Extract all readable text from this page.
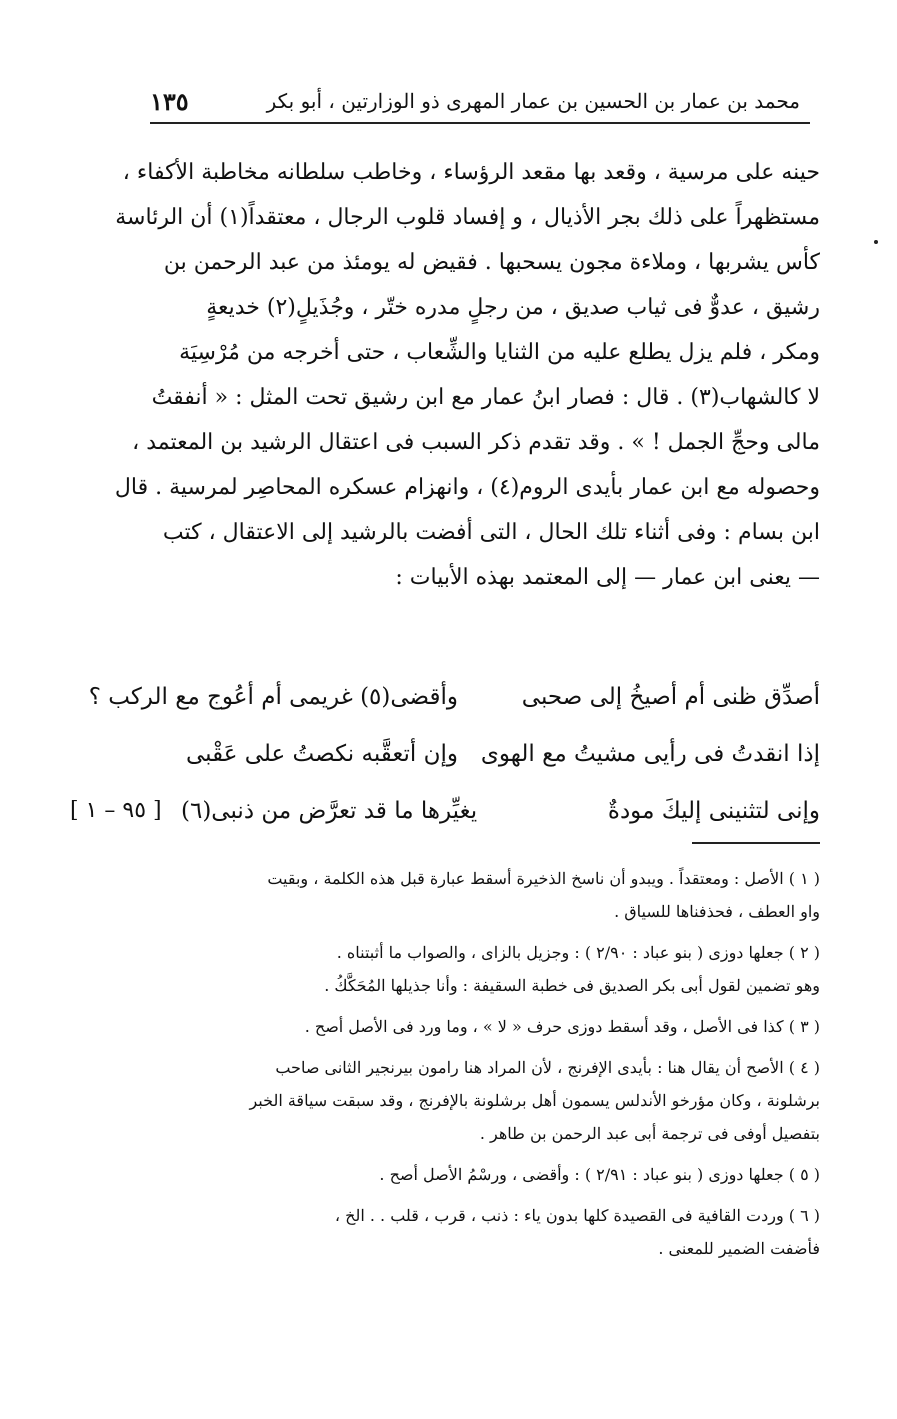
محمد بن عمار بن الحسين بن عمار المهرى ذو الوزارتين ، أبو بكر
١٣٥
حينه على مرسية ، وقعد بها مقعد الرؤساء ، وخاطب سلطانه مخاطبة الأكفاء ،
مستظهراً على ذلك بجر الأذيال ، و إفساد قلوب الرجال ، معتقداً(١) أن الرئاسة
كأس يشربها ، وملاءة مجون يسحبها . فقيض له يومئذ من عبد الرحمن بن
رشيق ، عدوٌّ فى ثياب صديق ، من رجلٍ مدره ختّر ، وجُذَيلٍ(٢) خديعةٍ
ومكر ، فلم يزل يطلع عليه من الثنايا والشِّعاب ، حتى أخرجه من مُرْسِيَة
لا كالشهاب(٣) . قال : فصار ابنُ عمار مع ابن رشيق تحت المثل : « أنفقتُ
مالى وحجِّ الجمل ! » . وقد تقدم ذكر السبب فى اعتقال الرشيد بن المعتمد ،
وحصوله مع ابن عمار بأيدى الروم(٤) ، وانهزام عسكره المحاصِر لمرسية . قال
ابن بسام : وفى أثناء تلك الحال ، التى أفضت بالرشيد إلى الاعتقال ، كتب
— يعنى ابن عمار — إلى المعتمد بهذه الأبيات :
أصدِّق ظنى أم أصيخُ إلى صحبى
وأقضى(٥) غريمى أم أعُوج مع الركب ؟
إذا انقدتُ فى رأيى مشيتُ مع الهوى
وإن أتعقَّبه نكصتُ على عَقْبى
وإنى لتثنينى إليكَ مودةٌ
يغيِّرها ما قد تعرَّض من ذنبى(٦)
[ ٩٥ – ١ ]
( ١ ) الأصل : ومعتقداً . ويبدو أن ناسخ الذخيرة أسقط عبارة قبل هذه الكلمة ، وبقيت
واو العطف ، فحذفناها للسياق .
( ٢ ) جعلها دوزى ( بنو عباد : ٢/٩٠ ) : وجزيل بالزاى ، والصواب ما أثبتناه .
وهو تضمين لقول أبى بكر الصديق فى خطبة السقيفة : وأنا جذيلها المُحَكَّكُ .
( ٣ ) كذا فى الأصل ، وقد أسقط دوزى حرف « لا » ، وما ورد فى الأصل أصح .
( ٤ ) الأصح أن يقال هنا : بأيدى الإفرنج ، لأن المراد هنا رامون بيرنجير الثانى صاحب
برشلونة ، وكان مؤرخو الأندلس يسمون أهل برشلونة بالإفرنج ، وقد سبقت سياقة الخبر
بتفصيل أوفى فى ترجمة أبى عبد الرحمن بن طاهر .
( ٥ ) جعلها دوزى ( بنو عباد : ٢/٩١ ) : وأقضى ، ورسْمُ الأصل أصح .
( ٦ ) وردت القافية فى القصيدة كلها بدون ياء : ذنب ، قرب ، قلب . . الخ ،
فأضفت الضمير للمعنى .
